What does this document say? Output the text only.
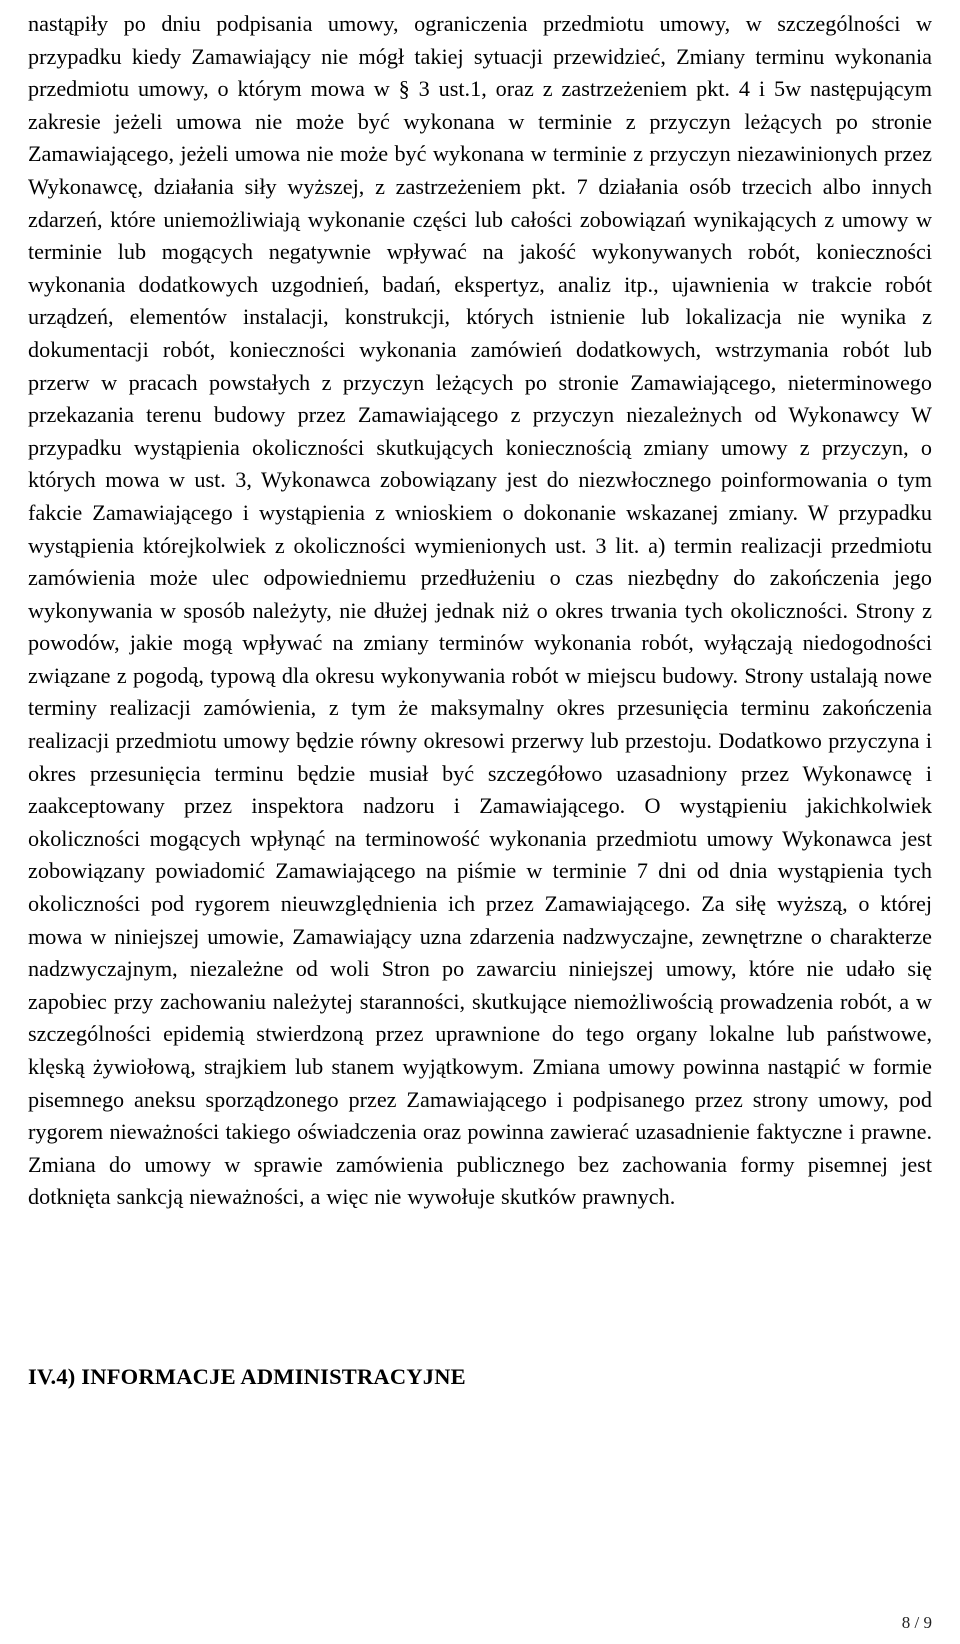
nastąpiły po dniu podpisania umowy, ograniczenia przedmiotu umowy, w szczególności w przypadku kiedy Zamawiający nie mógł takiej sytuacji przewidzieć, Zmiany terminu wykonania przedmiotu umowy, o którym mowa w § 3 ust.1, oraz z zastrzeżeniem pkt. 4 i 5w następującym zakresie jeżeli umowa nie może być wykonana w terminie z przyczyn leżących po stronie Zamawiającego, jeżeli umowa nie może być wykonana w terminie z przyczyn niezawinionych przez Wykonawcę, działania siły wyższej, z zastrzeżeniem pkt. 7 działania osób trzecich albo innych zdarzeń, które uniemożliwiają wykonanie części lub całości zobowiązań wynikających z umowy w terminie lub mogących negatywnie wpływać na jakość wykonywanych robót, konieczności wykonania dodatkowych uzgodnień, badań, ekspertyz, analiz itp., ujawnienia w trakcie robót urządzeń, elementów instalacji, konstrukcji, których istnienie lub lokalizacja nie wynika z dokumentacji robót, konieczności wykonania zamówień dodatkowych, wstrzymania robót lub przerw w pracach powstałych z przyczyn leżących po stronie Zamawiającego, nieterminowego przekazania terenu budowy przez Zamawiającego z przyczyn niezależnych od Wykonawcy W przypadku wystąpienia okoliczności skutkujących koniecznością zmiany umowy z przyczyn, o których mowa w ust. 3, Wykonawca zobowiązany jest do niezwłocznego poinformowania o tym fakcie Zamawiającego i wystąpienia z wnioskiem o dokonanie wskazanej zmiany. W przypadku wystąpienia którejkolwiek z okoliczności wymienionych ust. 3 lit. a) termin realizacji przedmiotu zamówienia może ulec odpowiedniemu przedłużeniu o czas niezbędny do zakończenia jego wykonywania w sposób należyty, nie dłużej jednak niż o okres trwania tych okoliczności. Strony z powodów, jakie mogą wpływać na zmiany terminów wykonania robót, wyłączają niedogodności związane z pogodą, typową dla okresu wykonywania robót w miejscu budowy. Strony ustalają nowe terminy realizacji zamówienia, z tym że maksymalny okres przesunięcia terminu zakończenia realizacji przedmiotu umowy będzie równy okresowi przerwy lub przestoju. Dodatkowo przyczyna i okres przesunięcia terminu będzie musiał być szczegółowo uzasadniony przez Wykonawcę i zaakceptowany przez inspektora nadzoru i Zamawiającego. O wystąpieniu jakichkolwiek okoliczności mogących wpłynąć na terminowość wykonania przedmiotu umowy Wykonawca jest zobowiązany powiadomić Zamawiającego na piśmie w terminie 7 dni od dnia wystąpienia tych okoliczności pod rygorem nieuwzględnienia ich przez Zamawiającego. Za siłę wyższą, o której mowa w niniejszej umowie, Zamawiający uzna zdarzenia nadzwyczajne, zewnętrzne o charakterze nadzwyczajnym, niezależne od woli Stron po zawarciu niniejszej umowy, które nie udało się zapobiec przy zachowaniu należytej staranności, skutkujące niemożliwością prowadzenia robót, a w szczególności epidemią stwierdzoną przez uprawnione do tego organy lokalne lub państwowe, klęską żywiołową, strajkiem lub stanem wyjątkowym. Zmiana umowy powinna nastąpić w formie pisemnego aneksu sporządzonego przez Zamawiającego i podpisanego przez strony umowy, pod rygorem nieważności takiego oświadczenia oraz powinna zawierać uzasadnienie faktyczne i prawne. Zmiana do umowy w sprawie zamówienia publicznego bez zachowania formy pisemnej jest dotknięta sankcją nieważności, a więc nie wywołuje skutków prawnych.

IV.4) INFORMACJE ADMINISTRACYJNE
8 / 9
